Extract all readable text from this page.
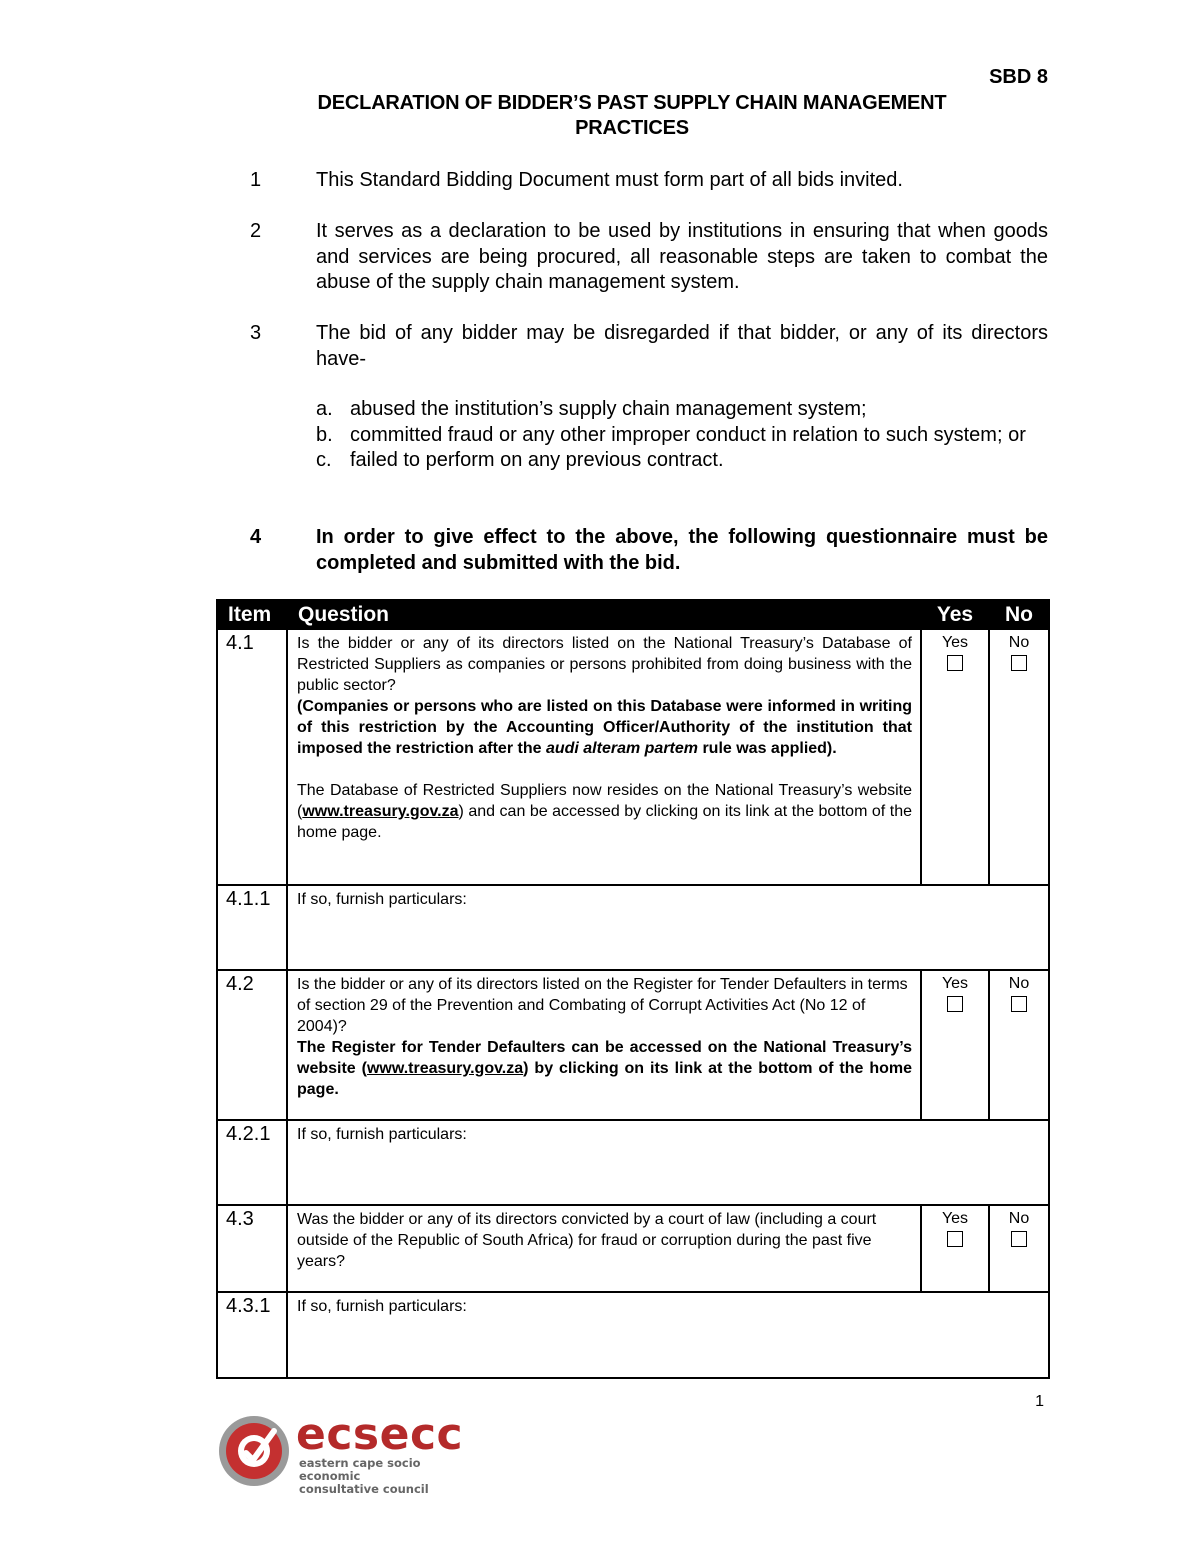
SBD 8
DECLARATION OF BIDDER’S PAST SUPPLY CHAIN MANAGEMENT
PRACTICES
1	This Standard Bidding Document must form part of all bids invited.
2	It serves as a declaration to be used by institutions in ensuring that when goods and services are being procured, all reasonable steps are taken to combat the abuse of the supply chain management system.
3	The bid of any bidder may be disregarded if that bidder, or any of its directors have-
a. abused the institution’s supply chain management system;
b. committed fraud or any other improper conduct in relation to such system; or
c. failed to perform on any previous contract.
4	In order to give effect to the above, the following questionnaire must be completed and submitted with the bid.
Item	Question	Yes	No
4.1	Is the bidder or any of its directors listed on the National Treasury’s Database of Restricted Suppliers as companies or persons prohibited from doing business with the public sector?

(Companies or persons who are listed on this Database were informed in writing of this restriction by the Accounting Officer/Authority of the institution that imposed the restriction after the audi alteram partem rule was applied).

The Database of Restricted Suppliers now resides on the National Treasury’s website (www.treasury.gov.za) and can be accessed by clicking on its link at the bottom of the home page.	Yes	No

4.1.1	If so, furnish particulars:		

4.2	Is the bidder or any of its directors listed on the Register for Tender Defaulters in terms of section 29 of the Prevention and Combating of Corrupt Activities Act (No 12 of 2004)?

The Register for Tender Defaulters can be accessed on the National Treasury’s website (www.treasury.gov.za) by clicking on its link at the bottom of the home page.	Yes	No

4.2.1	If so, furnish particulars:		

4.3	Was the bidder or any of its directors convicted by a court of law (including a court outside of the Republic of South Africa) for fraud or corruption during the past five years?	Yes	No

4.3.1	If so, furnish particulars:		

1
ecsecc
eastern cape socio economic
consultative council
